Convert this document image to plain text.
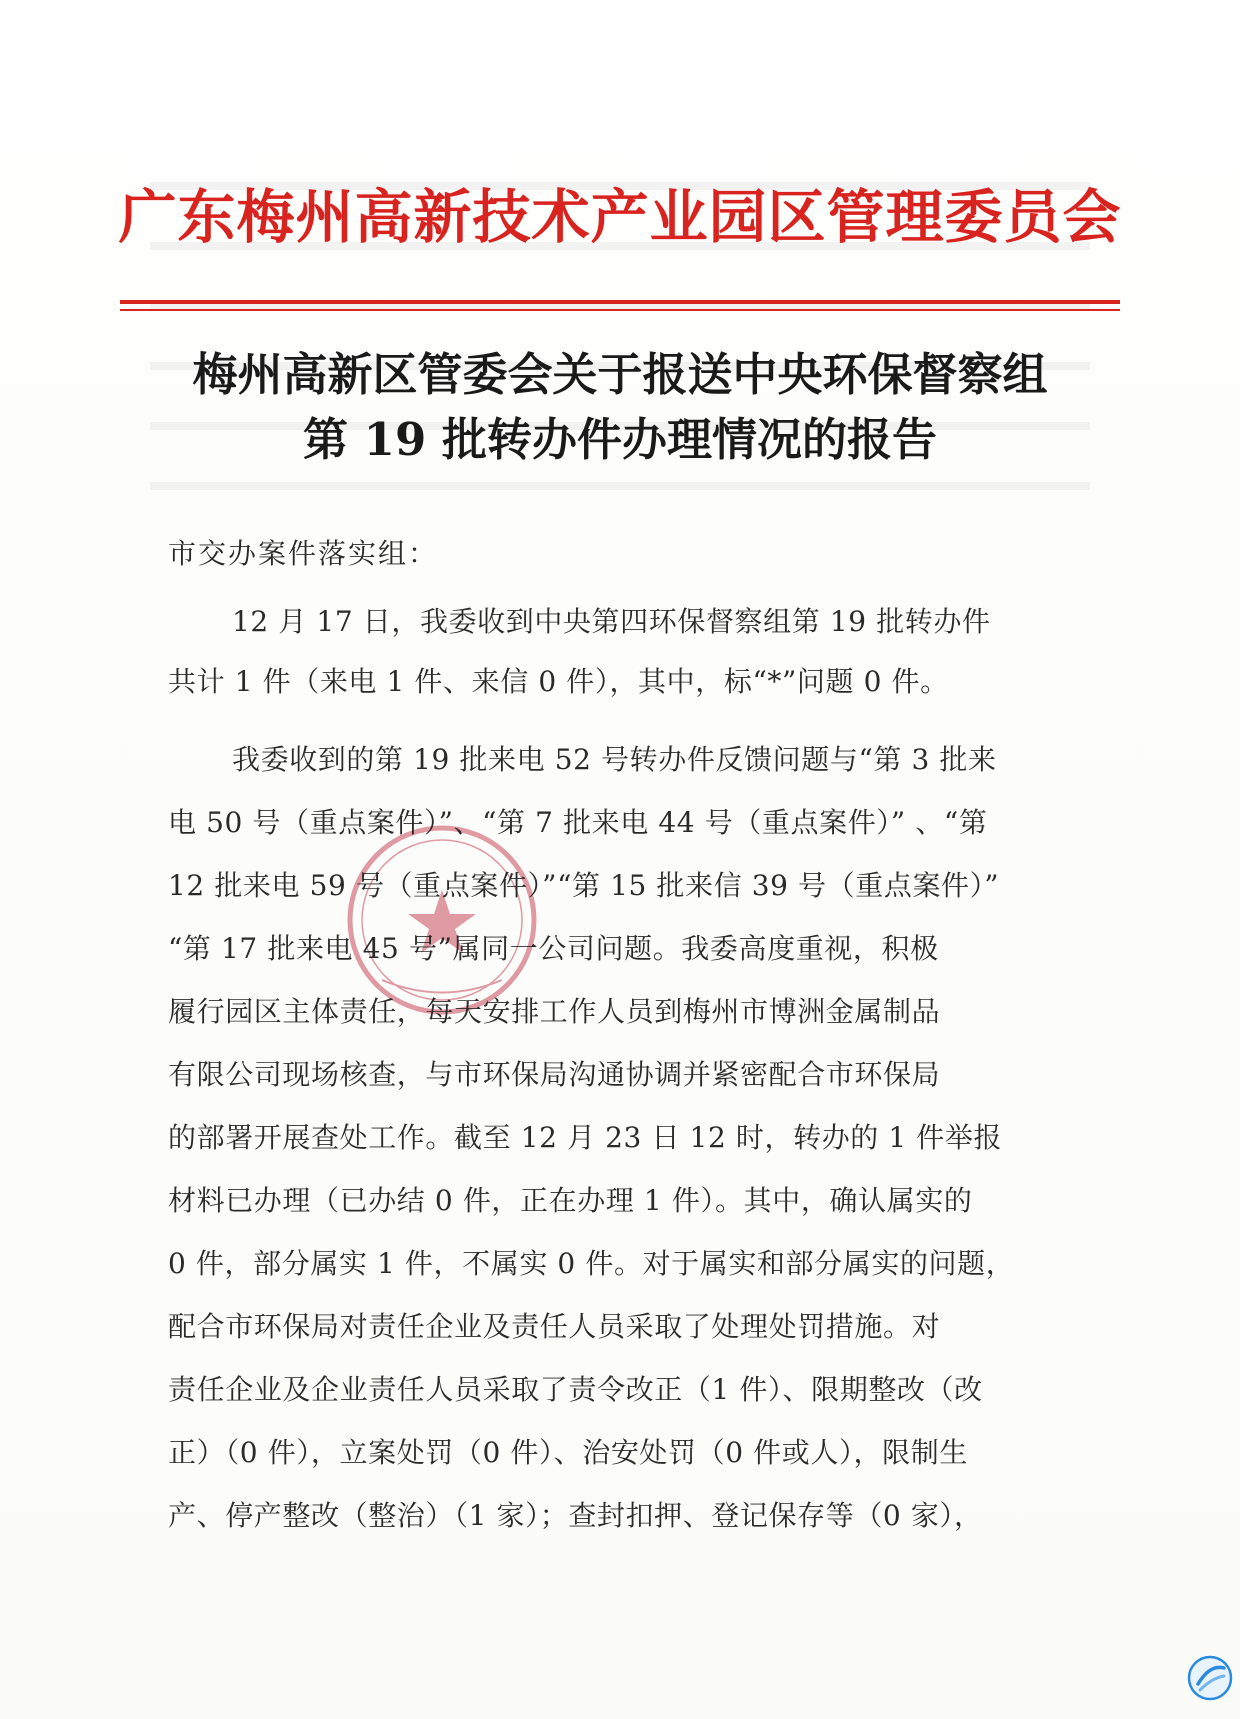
广东梅州高新技术产业园区管理委员会
梅州高新区管委会关于报送中央环保督察组
第 19 批转办件办理情况的报告
市交办案件落实组：
12 月 17 日，我委收到中央第四环保督察组第 19 批转办件
共计 1 件（来电 1 件、来信 0 件），其中，标“*”问题 0 件。
我委收到的第 19 批来电 52 号转办件反馈问题与“第 3 批来
电 50 号（重点案件）”、“第 7 批来电 44 号（重点案件）” 、“第
12 批来电 59 号（重点案件）”“第 15 批来信 39 号（重点案件）”
“第 17 批来电 45 号”属同一公司问题。我委高度重视，积极
履行园区主体责任，每天安排工作人员到梅州市博洲金属制品
有限公司现场核查，与市环保局沟通协调并紧密配合市环保局
的部署开展查处工作。截至 12 月 23 日 12 时，转办的 1 件举报
材料已办理（已办结 0 件，正在办理 1 件）。其中，确认属实的
0 件，部分属实 1 件，不属实 0 件。对于属实和部分属实的问题，
配合市环保局对责任企业及责任人员采取了处理处罚措施。对
责任企业及企业责任人员采取了责令改正（1 件）、限期整改（改
正）（0 件），立案处罚（0 件）、治安处罚（0 件或人），限制生
产、停产整改（整治）（1 家）；查封扣押、登记保存等（0 家），
